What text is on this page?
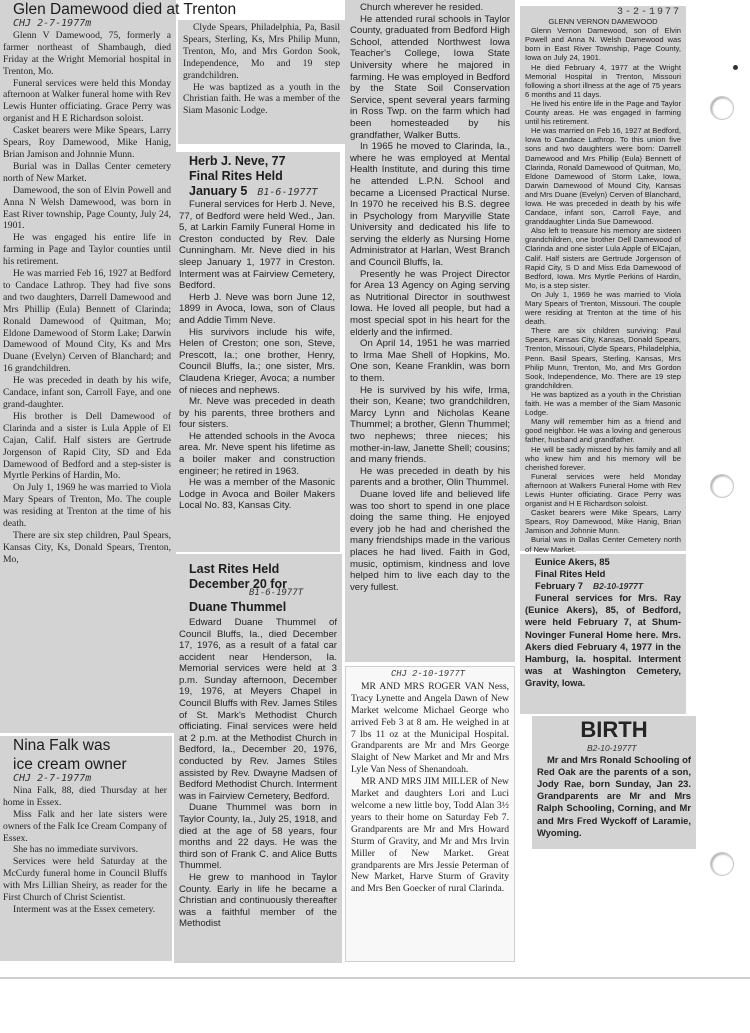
Glen Damewood died at Trenton

CHJ 2-7-1977m

Glenn V Damewood, 75, formerly a farmer northeast of Shambaugh, died Friday at the Wright Memorial hospital in Trenton, Mo.

Funeral services were held this Monday afternoon at Walker funeral home with Rev Lewis Hunter officiating. Grace Perry was organist and H E Richardson soloist.

Casket bearers were Mike Spears, Larry Spears, Roy Damewood, Mike Hanig, Brian Jamison and Johnnie Munn.

Burial was in Dallas Center cemetery north of New Market.

Damewood, the son of Elvin Powell and Anna N Welsh Damewood, was born in East River township, Page County, July 24, 1901.

He was engaged his entire life in farming in Page and Taylor counties until his retirement.

He was married Feb 16, 1927 at Bedford to Candace Lathrop. They had five sons and two daughters, Darrell Damewood and Mrs Phillip (Eula) Bennett of Clarinda; Ronald Damewood of Quitman, Mo; Eldone Damewood of Storm Lake; Darwin Damewood of Mound City, Ks and Mrs Duane (Evelyn) Cerven of Blanchard; and 16 grandchildren.

He was preceded in death by his wife, Candace, infant son, Carroll Faye, and one grand-daughter.

His brother is Dell Damewood of Clarinda and a sister is Lula Apple of El Cajan, Calif. Half sisters are Gertrude Jorgenson of Rapid City, SD and Eda Damewood of Bedford and a step-sister is Myrtle Perkins of Hardin, Mo.

On July 1, 1969 he was married to Viola Mary Spears of Trenton, Mo. The couple was residing at Trenton at the time of his death.

There are six step children, Paul Spears, Kansas City, Ks, Donald Spears, Trenton, Mo,

Nina Falk was

ice cream owner

CHJ 2-7-1977m

Nina Falk, 88, died Thursday at her home in Essex.

Miss Falk and her late sisters were owners of the Falk Ice Cream Company of Essex.

She has no immediate survivors.

Services were held Saturday at the McCurdy funeral home in Council Bluffs with Mrs Lillian Sheiry, as reader for the First Church of Christ Scientist.

Interment was at the Essex cemetery.

Clyde Spears, Philadelphia, Pa, Basil Spears, Sterling, Ks, Mrs Philip Munn, Trenton, Mo, and Mrs Gordon Sook, Independence, Mo and 19 step grandchildren.

He was baptized as a youth in the Christian faith. He was a member of the Siam Masonic Lodge.

Herb J. Neve, 77

Final Rites Held

January 5	B1-6-1977T

Funeral services for Herb J. Neve, 77, of Bedford were held Wed., Jan. 5, at Larkin Family Funeral Home in Creston conducted by Rev. Dale Cunningham. Mr. Neve died in his sleep January 1, 1977 in Creston. Interment was at Fairview Cemetery, Bedford.

Herb J. Neve was born June 12, 1899 in Avoca, Iowa, son of Claus and Addie Timm Neve.

His survivors include his wife, Helen of Creston; one son, Steve, Prescott, Ia.; one brother, Henry, Council Bluffs, Ia.; one sister, Mrs. Claudena Krieger, Avoca; a number of nieces and nephews.

Mr. Neve was preceded in death by his parents, three brothers and four sisters.

He attended schools in the Avoca area. Mr. Neve spent his lifetime as a boiler maker and construction engineer; he retired in 1963.

He was a member of the Masonic Lodge in Avoca and Boiler Makers Local No. 83, Kansas City.

Last Rites Held

December 20 for

B1-6-1977T

Duane Thummel

Edward Duane Thummel of Council Bluffs, Ia., died December 17, 1976, as a result of a fatal car accident near Henderson, Ia. Memorial services were held at 3 p.m. Sunday afternoon, December 19, 1976, at Meyers Chapel in Council Bluffs with Rev. James Stiles of St. Mark's Methodist Church officiating. Final services were held at 2 p.m. at the Methodist Church in Bedford, Ia., December 20, 1976, conducted by Rev. James Stiles assisted by Rev. Dwayne Madsen of Bedford Methodist Church. Interment was in Fairview Cemetery, Bedford.

Duane Thummel was born in Taylor County, Ia., July 25, 1918, and died at the age of 58 years, four months and 22 days. He was the third son of Frank C. and Alice Butts Thummel.

He grew to manhood in Taylor County. Early in life he became a Christian and continuously thereafter was a faithful member of the Methodist

Church wherever he resided.

He attended rural schools in Taylor County, graduated from Bedford High School, attended Northwest Iowa Teacher's College, Iowa State University where he majored in farming. He was employed in Bedford by the State Soil Conservation Service, spent several years farming in Ross Twp. on the farm which had been homesteaded by his grandfather, Walker Butts.

In 1965 he moved to Clarinda, Ia., where he was employed at Mental Health Institute, and during this time he attended L.P.N. School and became a Licensed Practical Nurse. In 1970 he received his B.S. degree in Psychology from Maryville State University and dedicated his life to serving the elderly as Nursing Home Administrator at Harlan, West Branch and Council Bluffs, Ia.

Presently he was Project Director for Area 13 Agency on Aging serving as Nutritional Director in southwest Iowa. He loved all people, but had a most special spot in his heart for the elderly and the infirmed.

On April 14, 1951 he was married to Irma Mae Shell of Hopkins, Mo. One son, Keane Franklin, was born to them.

He is survived by his wife, Irma, their son, Keane; two grandchildren, Marcy Lynn and Nicholas Keane Thummel; a brother, Glenn Thummel; two nephews; three nieces; his mother-in-law, Janette Shell; cousins; and many friends.

He was preceded in death by his parents and a brother, Olin Thummel.

Duane loved life and believed life was too short to spend in one place doing the same thing. He enjoyed every job he had and cherished the many friendships made in the various places he had lived. Faith in God, music, optimism, kindness and love helped him to live each day to the very fullest.

CHJ 2-10-1977T

MR AND MRS ROGER VAN Ness, Tracy Lynette and Angela Dawn of New Market welcome Michael George who arrived Feb 3 at 8 am. He weighed in at 7 lbs 11 oz at the Municipal Hospital. Grandparents are Mr and Mrs George Slaight of New Market and Mr and Mrs Lyle Van Ness of Shenandoah.

MR AND MRS JIM MILLER of New Market and daughters Lori and Luci welcome a new little boy, Todd Alan 3½ years to their home on Saturday Feb 7. Grandparents are Mr and Mrs Howard Sturm of Gravity, and Mr and Mrs Irvin Miller of New Market. Great grandparents are Mrs Jessie Peterman of New Market, Harve Sturm of Gravity and Mrs Ben Goecker of rural Clarinda.

3-2-1977

GLENN VERNON DAMEWOOD

Glenn Vernon Damewood, son of Elvin Powell and Anna N. Welsh Damewood was born in East River Township, Page County, Iowa on July 24, 1901.

He died February 4, 1977 at the Wright Memorial Hospital in Trenton, Missouri following a short illness at the age of 75 years 6 months and 11 days.

He lived his entire life in the Page and Taylor County areas. He was engaged in farming until his retirement.

He was married on Feb 16, 1927 at Bedford, Iowa to Candace Lathrop. To this union five sons and two daughters were born: Darrell Damewood and Mrs Phillip (Eula) Bennett of Clarinda, Ronald Damewood of Quitman, Mo, Eldone Damewood of Storm Lake, Iowa, Darwin Damewood of Mound City, Kansas and Mrs Duane (Evelyn) Cerven of Blanchard, Iowa. He was preceded in death by his wife Candace, infant son, Carroll Faye, and granddaughter Linda Sue Damewood.

Also left to treasure his memory are sixteen grandchildren, one brother Dell Damewood of Clarinda and one sister Lula Apple of ElCajan, Calif. Half sisters are Gertrude Jorgenson of Rapid City, S D and Miss Eda Damewood of Bedford, Iowa. Mrs Myrtle Perkins of Hardin, Mo, is a step sister.

On July 1, 1969 he was married to Viola Mary Spears of Trenton, Missouri. The couple were residing at Trenton at the time of his death.

There are six children surviving: Paul Spears, Kansas City, Kansas, Donald Spears, Trenton, Missouri, Clyde Spears, Philadelphia, Penn. Basil Spears, Sterling, Kansas, Mrs Philip Munn, Trenton, Mo, and Mrs Gordon Sook, Independence, Mo. There are 19 step grandchildren.

He was baptized as a youth in the Christian faith. He was a member of the Siam Masonic Lodge.

Many will remember him as a friend and good neighbor. He was a loving and generous father, husband and grandfather.

He will be sadly missed by his family and all who knew him and his memory will be cherished forever.

Funeral services were held Monday afternoon at Walkers Funeral Home with Rev Lewis Hunter officiating. Grace Perry was organist and H E Richardson soloist.

Casket bearers were Mike Spears, Larry Spears, Roy Damewood, Mike Hanig, Brian Jamison and Johnnie Munn.

Burial was in Dallas Center Cemetery north of New Market.

Eunice Akers, 85

Final Rites Held

February 7	B2-10-1977T

Funeral services for Mrs. Ray (Eunice Akers), 85, of Bedford, were held February 7, at Shum-Novinger Funeral Home here. Mrs. Akers died February 4, 1977 in the Hamburg, Ia. hospital. Interment was at Washington Cemetery, Gravity, Iowa.

BIRTH

B2-10-1977T

Mr and Mrs Ronald Schooling of Red Oak are the parents of a son, Jody Rae, born Sunday, Jan 23. Grandparents are Mr and Mrs Ralph Schooling, Corning, and Mr and Mrs Fred Wyckoff of Laramie, Wyoming.
